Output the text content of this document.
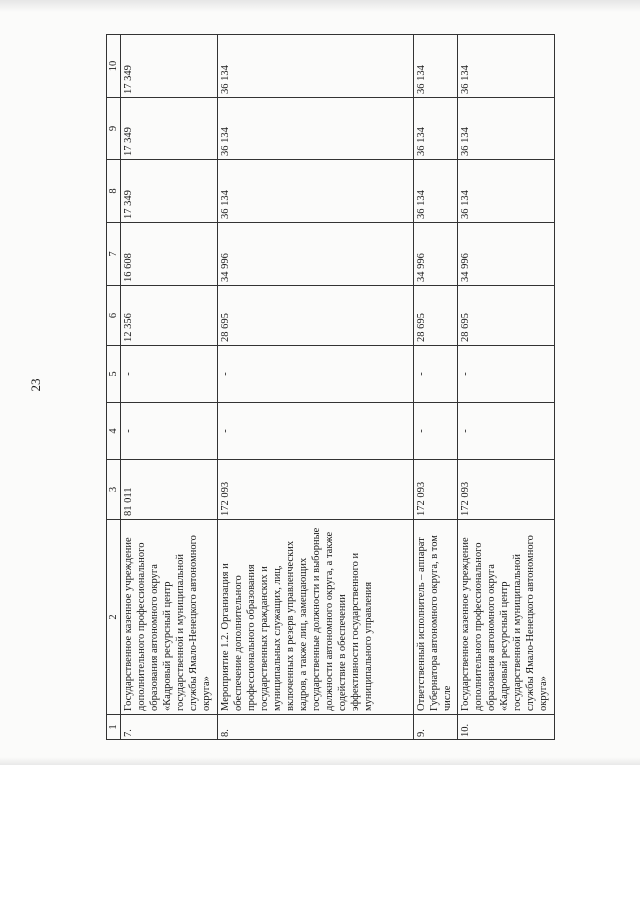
23
1	2	3	4	5	6	7	8	9	10
7.	Государственное казенное учреждение дополнительного профессионального образования автономного округа «Кадровый ресурсный центр государственной и муниципальной службы Ямало-Ненецкого автономного округа»	81 011	-	-	12 356	16 608	17 349	17 349	17 349
8.	Мероприятие 1.2. Организация и обеспечение дополнительного профессионального образования государственных гражданских и муниципальных служащих, лиц, включенных в резерв управленческих кадров, а также лиц, замещающих государственные должности и выборные должности автономного округа, а также содействие в обеспечении эффективности государственного и муниципального управления	172 093	-	-	28 695	34 996	36 134	36 134	36 134
9.	Ответственный исполнитель – аппарат Губернатора автономного округа, в том числе	172 093	-	-	28 695	34 996	36 134	36 134	36 134
10.	Государственное казенное учреждение дополнительного профессионального образования автономного округа «Кадровый ресурсный центр государственной и муниципальной службы Ямало-Ненецкого автономного округа»	172 093	-	-	28 695	34 996	36 134	36 134	36 134
